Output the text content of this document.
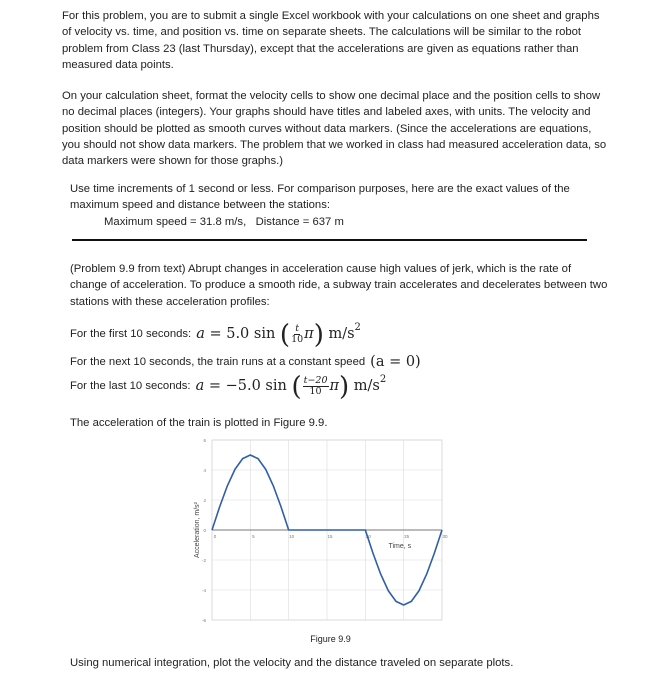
For this problem, you are to submit a single Excel workbook with your calculations on one sheet and graphs of velocity vs. time, and position vs. time on separate sheets. The calculations will be similar to the robot problem from Class 23 (last Thursday), except that the accelerations are given as equations rather than measured data points.

On your calculation sheet, format the velocity cells to show one decimal place and the position cells to show no decimal places (integers). Your graphs should have titles and labeled axes, with units. The velocity and position should be plotted as smooth curves without data markers. (Since the accelerations are equations, you should not show data markers. The problem that we worked in class had measured acceleration data, so data markers were shown for those graphs.)

Use time increments of 1 second or less. For comparison purposes, here are the exact values of the maximum speed and distance between the stations:
Maximum speed = 31.8 m/s,   Distance = 637 m

(Problem 9.9 from text) Abrupt changes in acceleration cause high values of jerk, which is the rate of change of acceleration. To produce a smooth ride, a subway train accelerates and decelerates between two stations with these acceleration profiles:

For the first 10 seconds: a
=
5.0 sin
( $\frac{t}{10}$ π )
m/s 2
For the next 10 seconds, the train runs at a constant speed (a = 0)
For the last 10 seconds: a
=
−5.0 sin
( $\frac{t-20}{10}$ π )
m/s 2

The acceleration of the train is plotted in Figure 9.9.

6
4
2
0
-2
-4
-6
0	5	10	15	20	25	30
Time, s
Acceleration, m/s²
Figure 9.9

Using numerical integration, plot the velocity and the distance traveled on separate plots.
